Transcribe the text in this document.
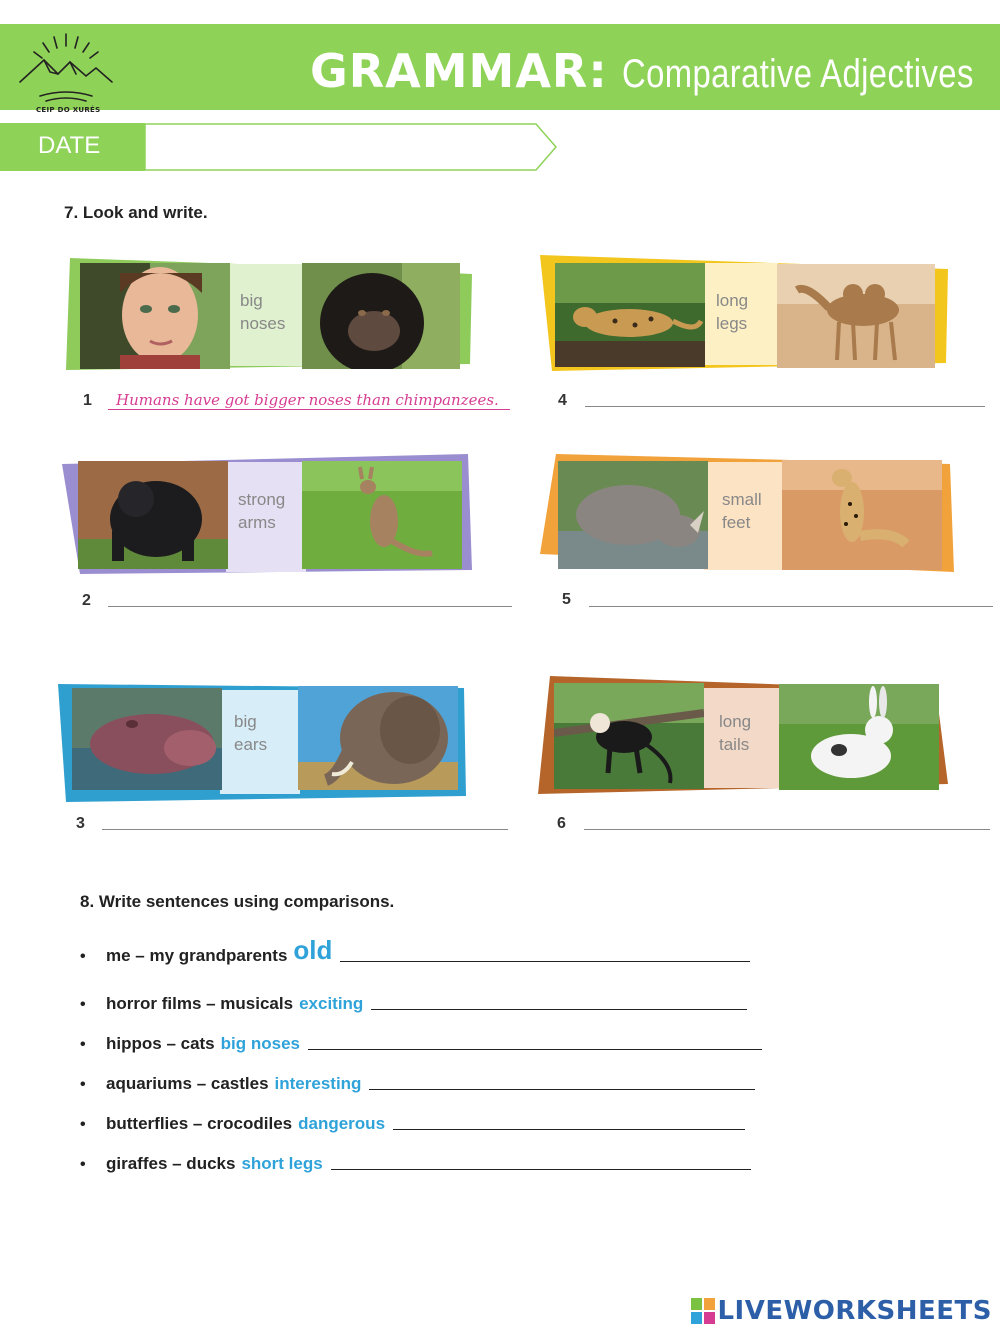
CEIP DO XURÉS
GRAMMAR: Comparative Adjectives
DATE
7. Look and write.
big
noses
1 Humans have got bigger noses than chimpanzees.
strong
arms
2
big
ears
3
long
legs
4
small
feet
5
long
tails
6
8. Write sentences using comparisons.
•	me – my grandparents old
•	horror films – musicals exciting
•	hippos – cats big noses
•	aquariums – castles interesting
•	butterflies – crocodiles dangerous
•	giraffes – ducks short legs
LIVEWORKSHEETS
